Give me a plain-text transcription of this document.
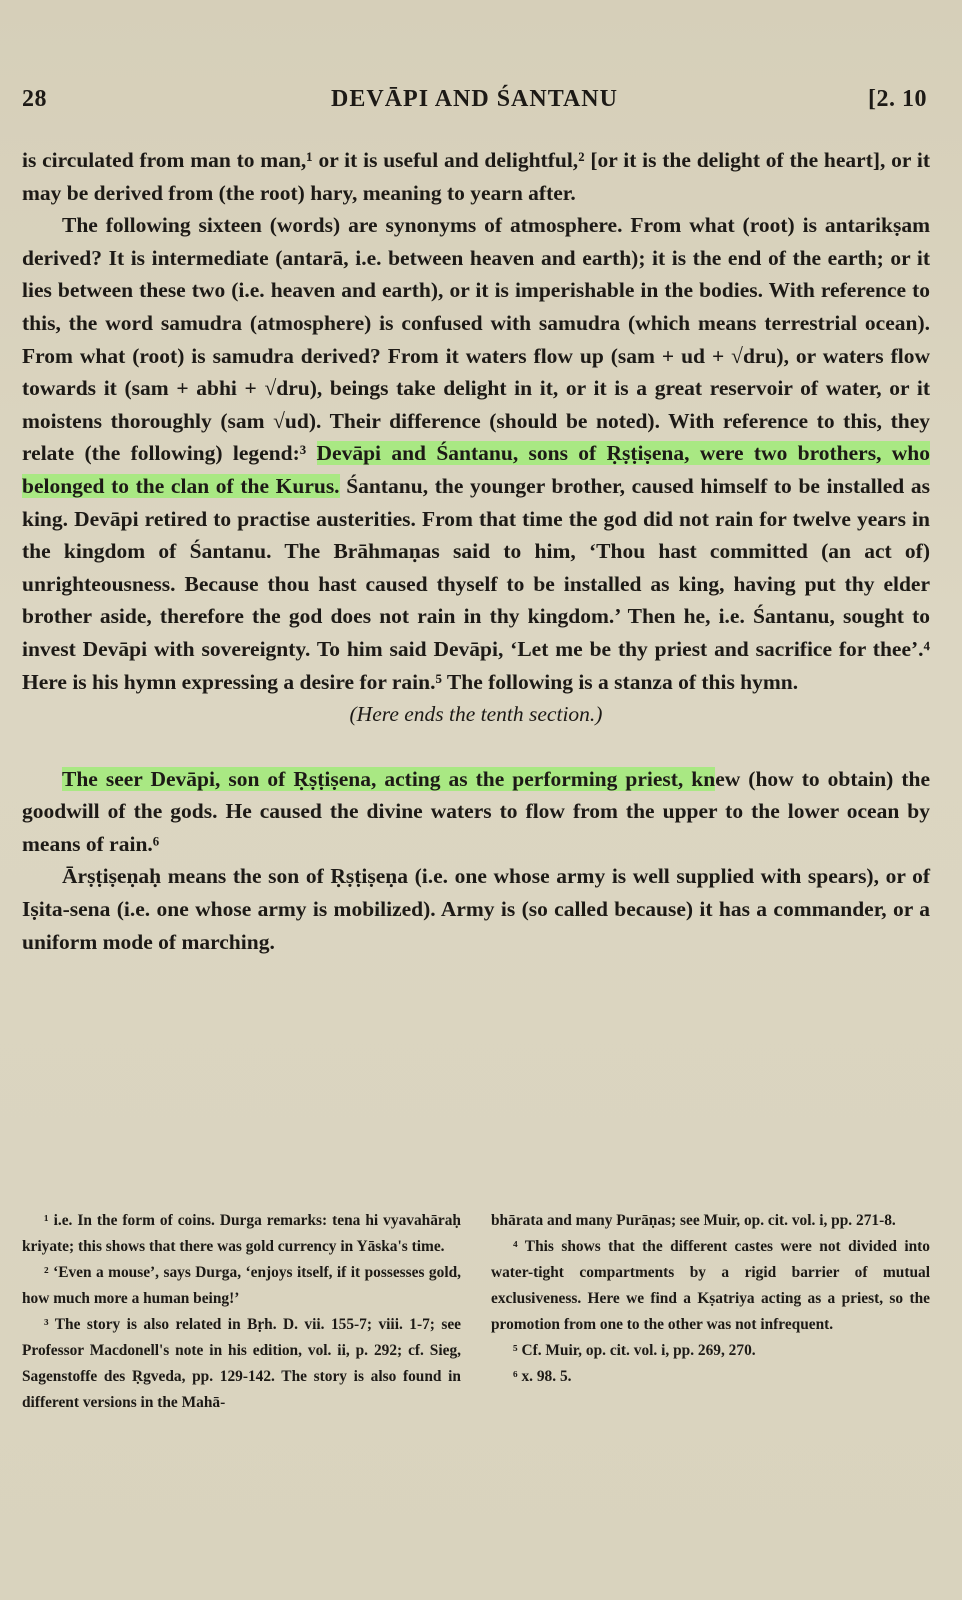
28	DEVĀPI AND ŚANTANU	[2. 10

is circulated from man to man,¹ or it is useful and delightful,² [or it is the delight of the heart], or it may be derived from (the root) hary, meaning to yearn after.

The following sixteen (words) are synonyms of atmosphere. From what (root) is antarikṣam derived? It is intermediate (antarā, i.e. between heaven and earth); it is the end of the earth; or it lies between these two (i.e. heaven and earth), or it is imperishable in the bodies. With reference to this, the word samudra (atmosphere) is confused with samudra (which means terrestrial ocean). From what (root) is samudra derived? From it waters flow up (sam + ud + √dru), or waters flow towards it (sam + abhi + √dru), beings take delight in it, or it is a great reservoir of water, or it moistens thoroughly (sam √ud). Their difference (should be noted). With reference to this, they relate (the following) legend:³ Devāpi and Śantanu, sons of Ṛṣṭiṣena, were two brothers, who belonged to the clan of the Kurus. Śantanu, the younger brother, caused himself to be installed as king. Devāpi retired to practise austerities. From that time the god did not rain for twelve years in the kingdom of Śantanu. The Brāhmaṇas said to him, ‘Thou hast committed (an act of) unrighteousness. Because thou hast caused thyself to be installed as king, having put thy elder brother aside, therefore the god does not rain in thy kingdom.’ Then he, i.e. Śantanu, sought to invest Devāpi with sovereignty. To him said Devāpi, ‘Let me be thy priest and sacrifice for thee’.⁴ Here is his hymn expressing a desire for rain.⁵ The following is a stanza of this hymn.

(Here ends the tenth section.)

The seer Devāpi, son of Ṛṣṭiṣena, acting as the performing priest, knew (how to obtain) the goodwill of the gods. He caused the divine waters to flow from the upper to the lower ocean by means of rain.⁶

Ārṣṭiṣeṇaḥ means the son of Ṛṣṭiṣeṇa (i.e. one whose army is well supplied with spears), or of Iṣita-sena (i.e. one whose army is mobilized). Army is (so called because) it has a commander, or a uniform mode of marching.

¹ i.e. In the form of coins. Durga remarks: tena hi vyavahāraḥ kriyate; this shows that there was gold currency in Yāska's time.

² ‘Even a mouse’, says Durga, ‘enjoys itself, if it possesses gold, how much more a human being!’

³ The story is also related in Bṛh. D. vii. 155-7; viii. 1-7; see Professor Macdonell's note in his edition, vol. ii, p. 292; cf. Sieg, Sagenstoffe des Ṛgveda, pp. 129-142. The story is also found in different versions in the Mahā-

bhārata and many Purāṇas; see Muir, op. cit. vol. i, pp. 271-8.

⁴ This shows that the different castes were not divided into water-tight compartments by a rigid barrier of mutual exclusiveness. Here we find a Kṣatriya acting as a priest, so the promotion from one to the other was not infrequent.

⁵ Cf. Muir, op. cit. vol. i, pp. 269, 270.

⁶ x. 98. 5.
